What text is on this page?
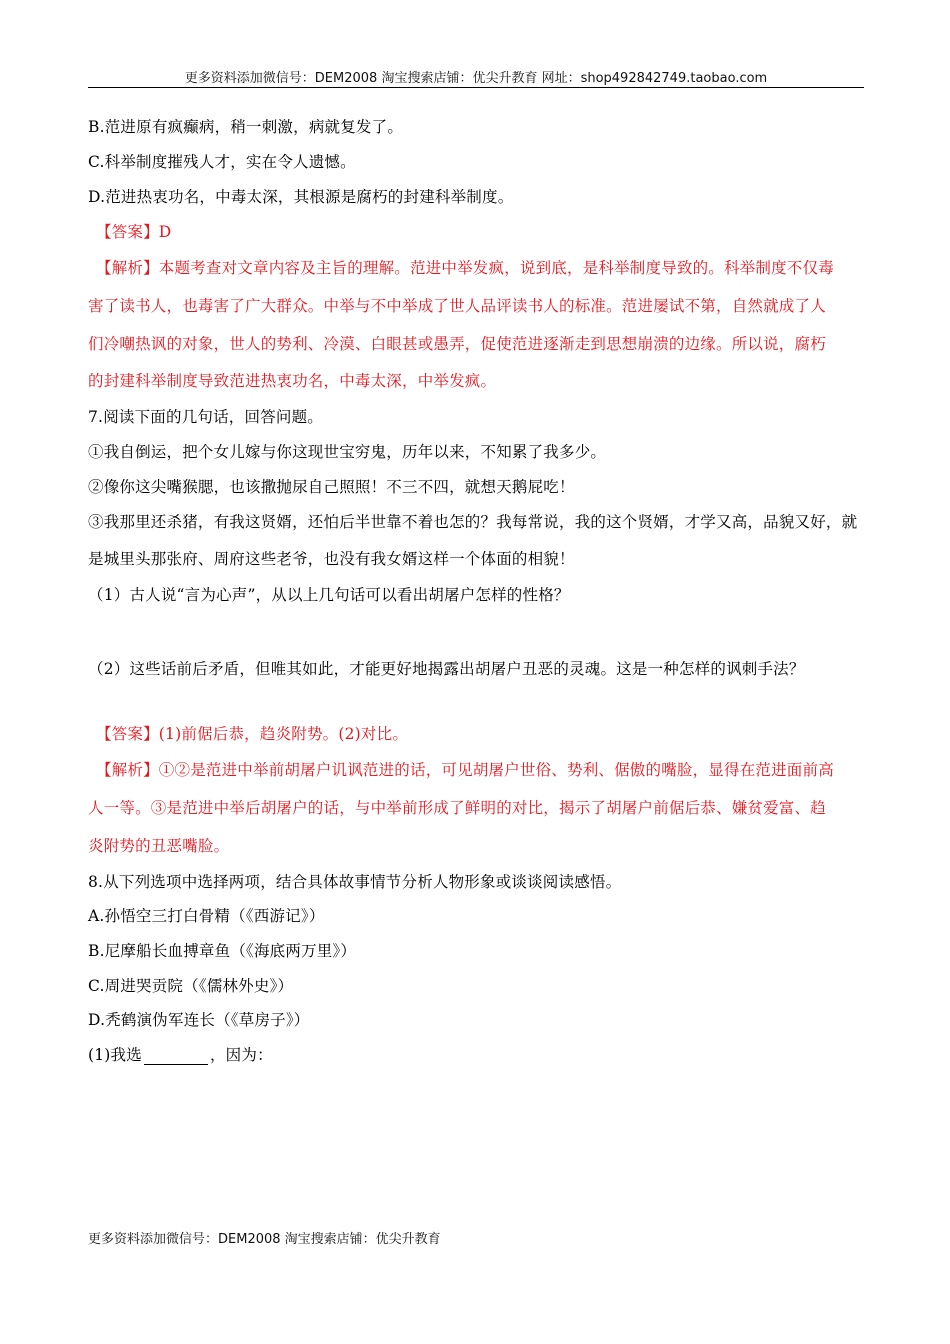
更多资料添加微信号：DEM2008 淘宝搜索店铺：优尖升教育 网址：shop492842749.taobao.com
B.范进原有疯癫病，稍一刺激，病就复发了。
C.科举制度摧残人才，实在令人遗憾。
D.范进热衷功名，中毒太深，其根源是腐朽的封建科举制度。
【答案】D
【解析】本题考查对文章内容及主旨的理解。范进中举发疯，说到底，是科举制度导致的。科举制度不仅毒
害了读书人，也毒害了广大群众。中举与不中举成了世人品评读书人的标准。范进屡试不第，自然就成了人
们冷嘲热讽的对象，世人的势利、冷漠、白眼甚或愚弄，促使范进逐渐走到思想崩溃的边缘。所以说，腐朽
的封建科举制度导致范进热衷功名，中毒太深，中举发疯。
7.阅读下面的几句话，回答问题。
①我自倒运，把个女儿嫁与你这现世宝穷鬼，历年以来，不知累了我多少。
②像你这尖嘴猴腮，也该撒抛尿自己照照！不三不四，就想天鹅屁吃！
③我那里还杀猪，有我这贤婿，还怕后半世靠不着也怎的？我每常说，我的这个贤婿，才学又高，品貌又好，就
是城里头那张府、周府这些老爷，也没有我女婿这样一个体面的相貌！
（1）古人说“言为心声”，从以上几句话可以看出胡屠户怎样的性格？
（2）这些话前后矛盾，但唯其如此，才能更好地揭露出胡屠户丑恶的灵魂。这是一种怎样的讽刺手法？
【答案】(1)前倨后恭，趋炎附势。(2)对比。
【解析】①②是范进中举前胡屠户讥讽范进的话，可见胡屠户世俗、势利、倨傲的嘴脸，显得在范进面前高
人一等。③是范进中举后胡屠户的话，与中举前形成了鲜明的对比，揭示了胡屠户前倨后恭、嫌贫爱富、趋
炎附势的丑恶嘴脸。
8.从下列选项中选择两项，结合具体故事情节分析人物形象或谈谈阅读感悟。
A.孙悟空三打白骨精（《西游记》）
B.尼摩船长血搏章鱼（《海底两万里》）
C.周进哭贡院（《儒林外史》）
D.秃鹤演伪军连长（《草房子》）
(1)我选	，因为：
更多资料添加微信号：DEM2008 淘宝搜索店铺：优尖升教育
